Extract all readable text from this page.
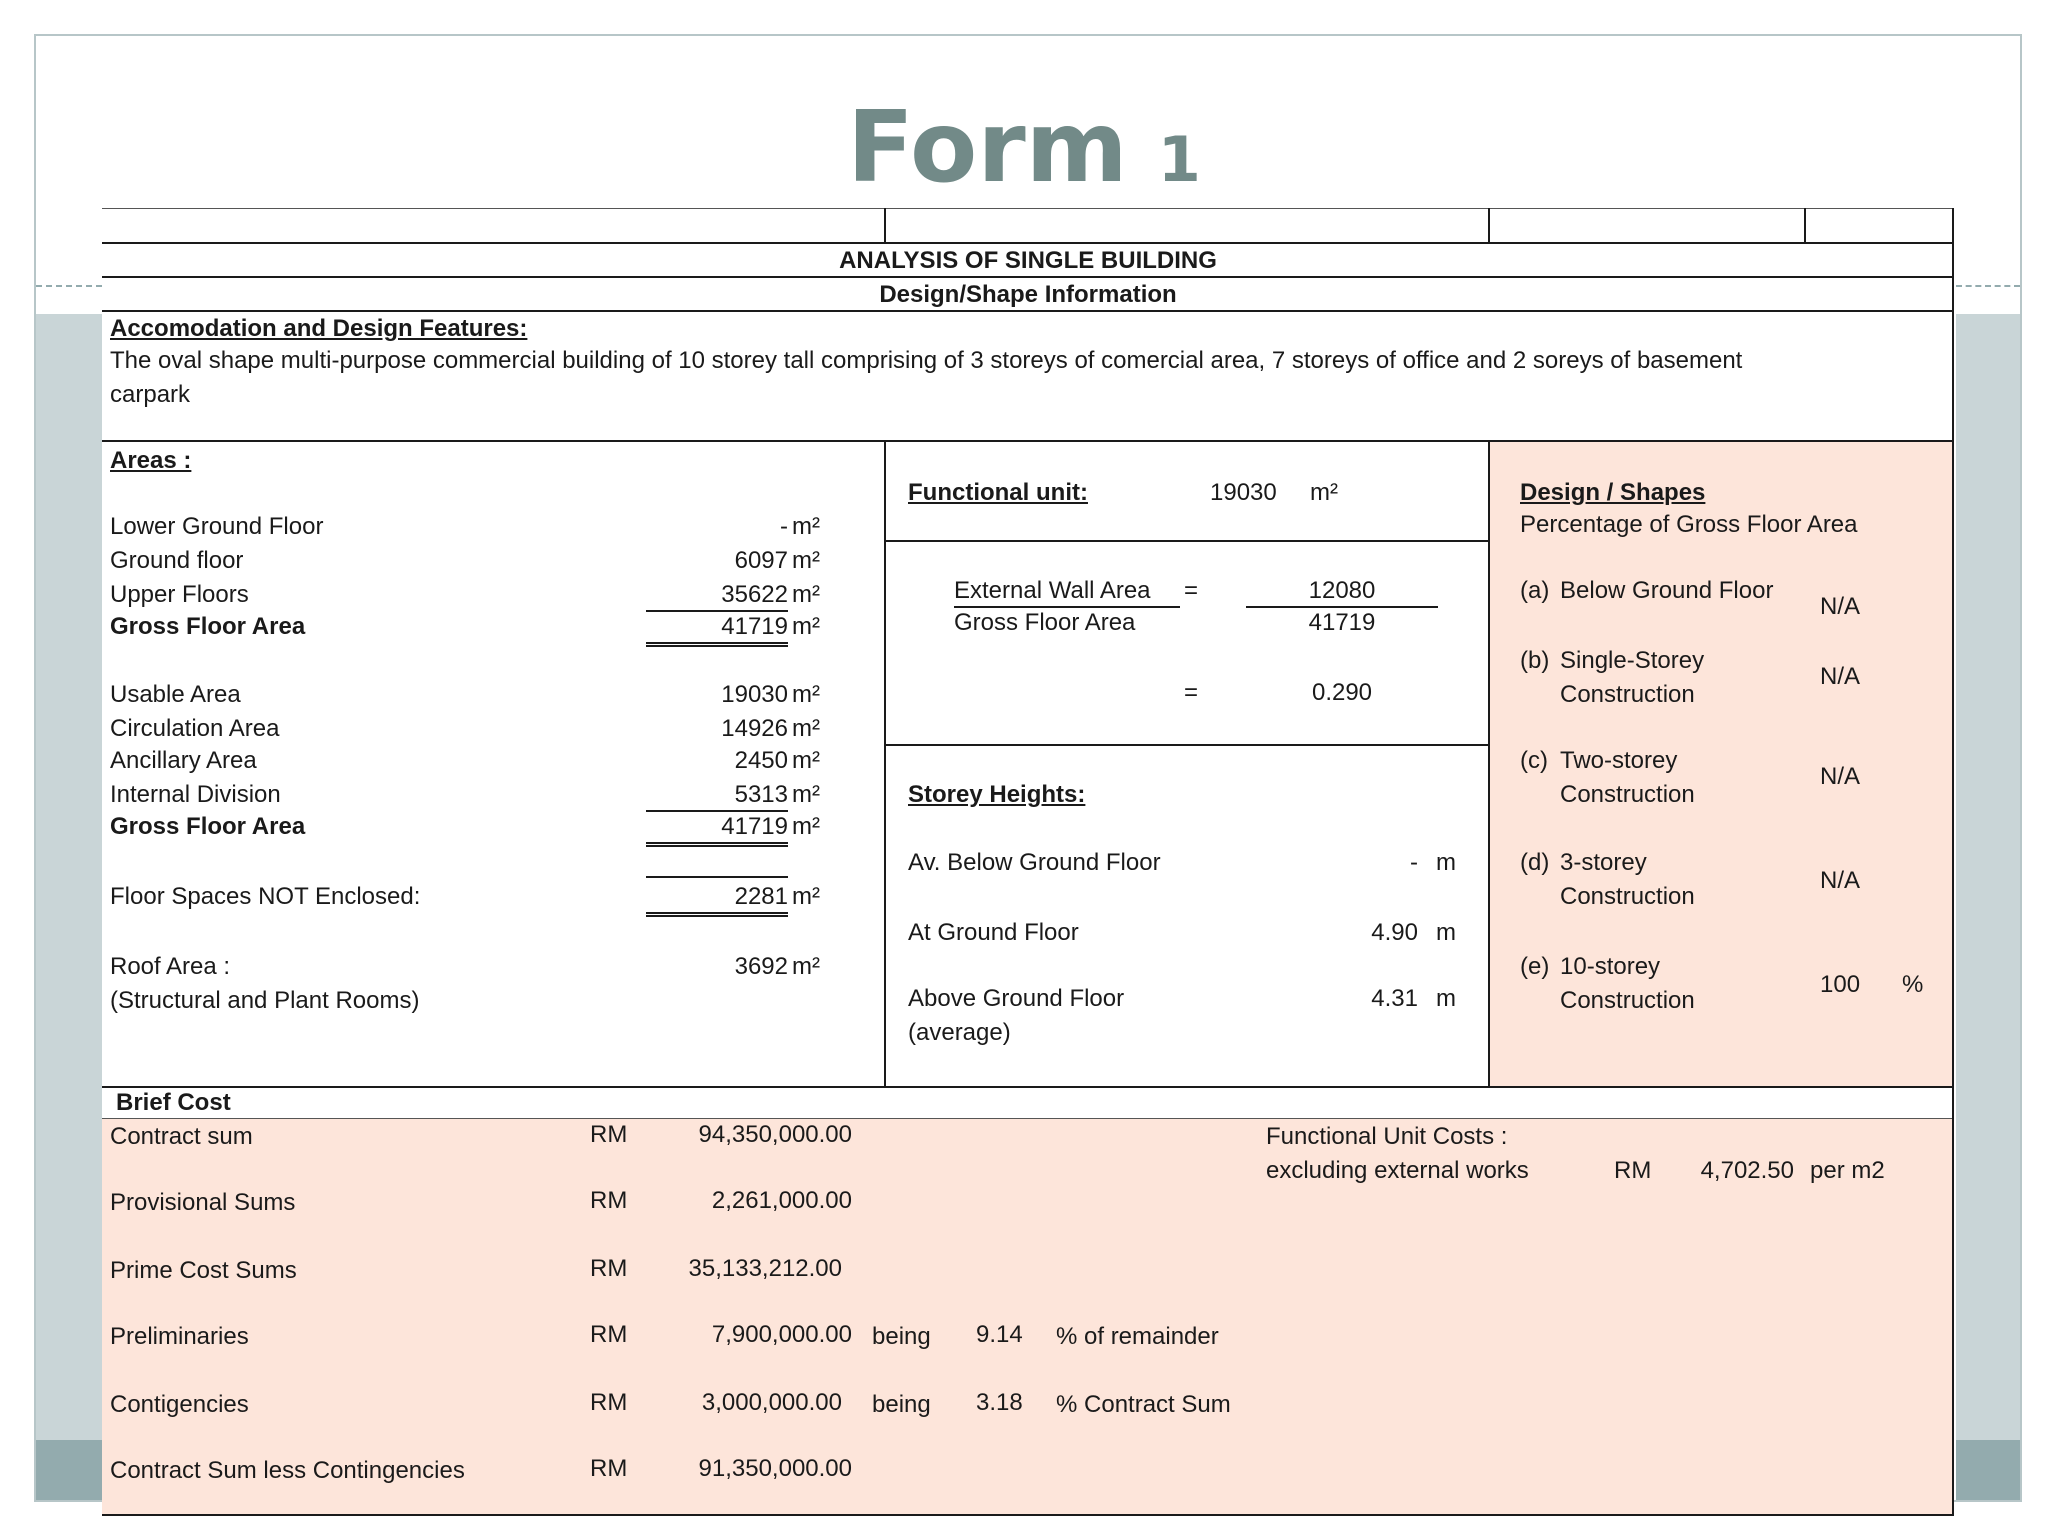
Form 1
ANALYSIS OF SINGLE BUILDING
Design/Shape Information
Accomodation and Design Features:
The oval shape multi-purpose commercial building of 10 storey tall comprising of 3 storeys of comercial area, 7 storeys of office and 2 soreys of basement
carpark
Areas :
Lower Ground Floor	- m²
Ground floor	6097 m²
Upper Floors	35622 m²
Gross Floor Area	41719 m²
Usable Area	19030 m²
Circulation Area	14926 m²
Ancillary Area	2450 m²
Internal Division	5313 m²
Gross Floor Area	41719 m²
Floor Spaces NOT Enclosed:	2281 m²
Roof Area :	3692 m²
(Structural and Plant Rooms)
Functional unit:	19030 m²
External Wall Area	=	12080
Gross Floor Area	41719
=	0.290
Storey Heights:
Av. Below Ground Floor	- m
At Ground Floor	4.90 m
Above Ground Floor	4.31 m
(average)
Design / Shapes
Percentage of Gross Floor Area
(a) Below Ground Floor
N/A
(b) Single-Storey
Construction
N/A
(c) Two-storey
Construction
N/A
(d) 3-storey
Construction
N/A
(e) 10-storey
Construction
100 %
Brief Cost
Contract sum	RM	94,350,000.00
Provisional Sums	RM	2,261,000.00
Prime Cost Sums	RM	35,133,212.00
Preliminaries	RM	7,900,000.00 being 9.14 % of remainder
Contigencies	RM	3,000,000.00 being 3.18 % Contract Sum
Contract Sum less Contingencies	RM	91,350,000.00
Functional Unit Costs :
excluding external works	RM	4,702.50 per m2
